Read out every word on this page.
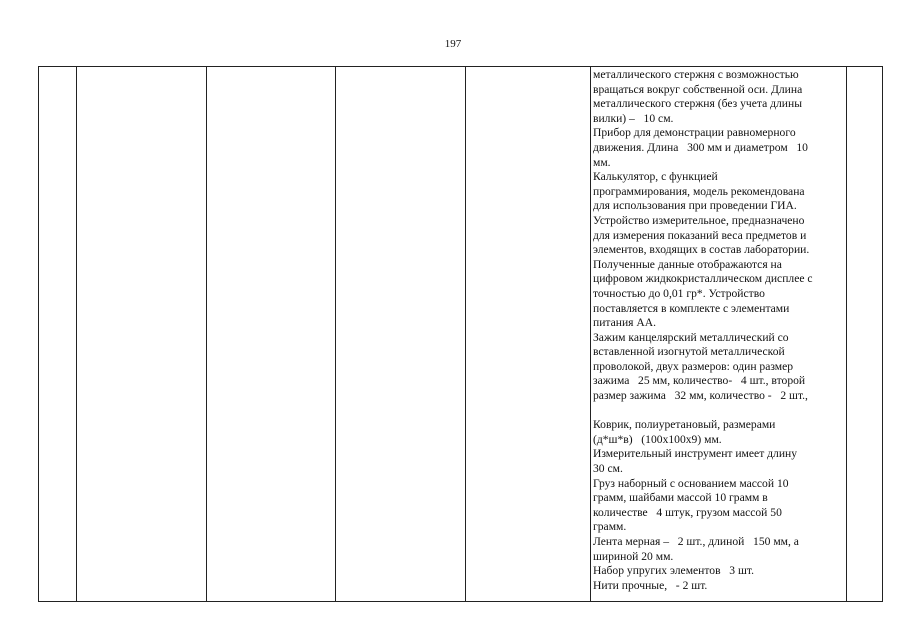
197
металлического стержня с возможностью
вращаться вокруг собственной оси. Длина
металлического стержня (без учета длины
вилки) –   10 см.
Прибор для демонстрации равномерного
движения. Длина   300 мм и диаметром   10
мм.
Калькулятор, с функцией
программирования, модель рекомендована
для использования при проведении ГИА.
Устройство измерительное, предназначено
для измерения показаний веса предметов и
элементов, входящих в состав лаборатории.
Полученные данные отображаются на
цифровом жидкокристаллическом дисплее с
точностью до 0,01 гр*. Устройство
поставляется в комплекте с элементами
питания АА.
Зажим канцелярский металлический со
вставленной изогнутой металлической
проволокой, двух размеров: один размер
зажима   25 мм, количество-   4 шт., второй
размер зажима   32 мм, количество -   2 шт.,
Коврик, полиуретановый, размерами
(д*ш*в)   (100х100х9) мм.
Измерительный инструмент имеет длину
30 см.
Груз наборный с основанием массой 10
грамм, шайбами массой 10 грамм в
количестве   4 штук, грузом массой 50
грамм.
Лента мерная –   2 шт., длиной   150 мм, а
шириной 20 мм.
Набор упругих элементов   3 шт.
Нити прочные,   - 2 шт.
